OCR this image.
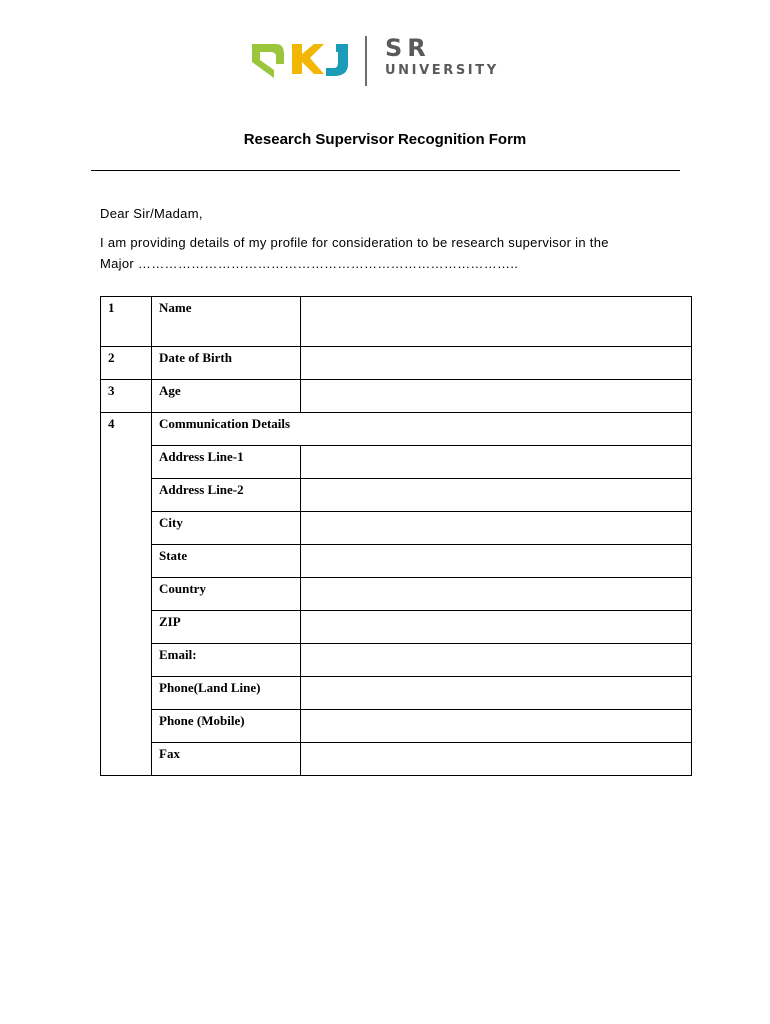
SR
UNIVERSITY
Research Supervisor Recognition Form
Dear Sir/Madam,
I am providing details of my profile for consideration to be research supervisor in the
Major …………………………………………………………………………..
1	Name	
2	Date of Birth	
3	Age	
4	Communication Details	
	Address Line-1	
	Address Line-2	
	City	
	State	
	Country	
	ZIP	
	Email:	
	Phone(Land Line)	
	Phone (Mobile)	
	Fax	
